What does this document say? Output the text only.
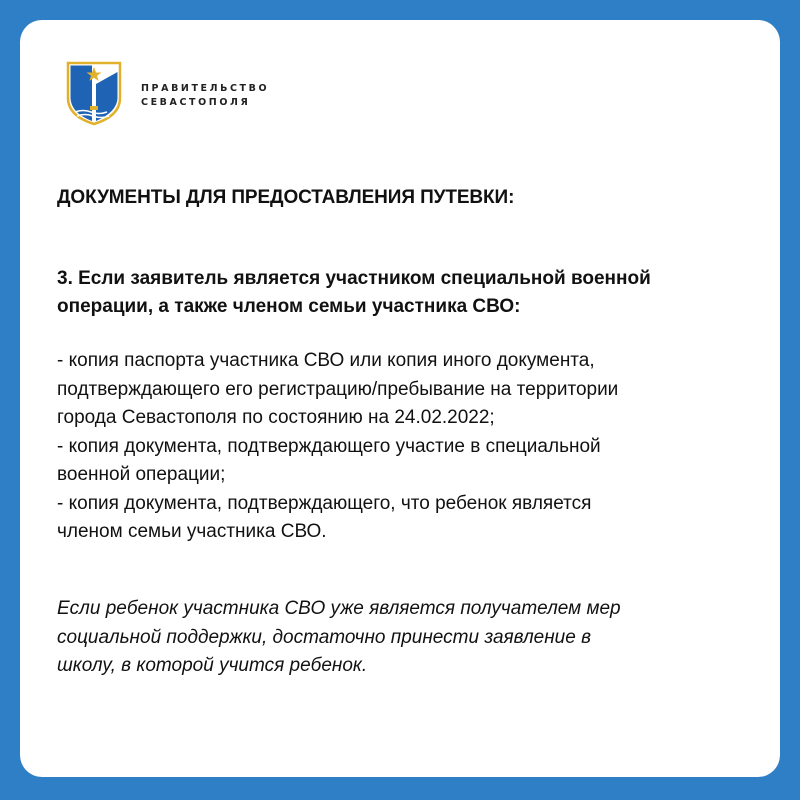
ПРАВИТЕЛЬСТВО
СЕВАСТОПОЛЯ
ДОКУМЕНТЫ ДЛЯ ПРЕДОСТАВЛЕНИЯ ПУТЕВКИ:
3. Если заявитель является участником специальной военной
операции, а также членом семьи участника СВО:
- копия паспорта участника СВО или копия иного документа,
подтверждающего его регистрацию/пребывание на территории
города Севастополя по состоянию на 24.02.2022;
- копия документа, подтверждающего участие в специальной
военной операции;
- копия документа, подтверждающего, что ребенок является
членом семьи участника СВО.
Если ребенок участника СВО уже является получателем мер
социальной поддержки, достаточно принести заявление в
школу, в которой учится ребенок.
